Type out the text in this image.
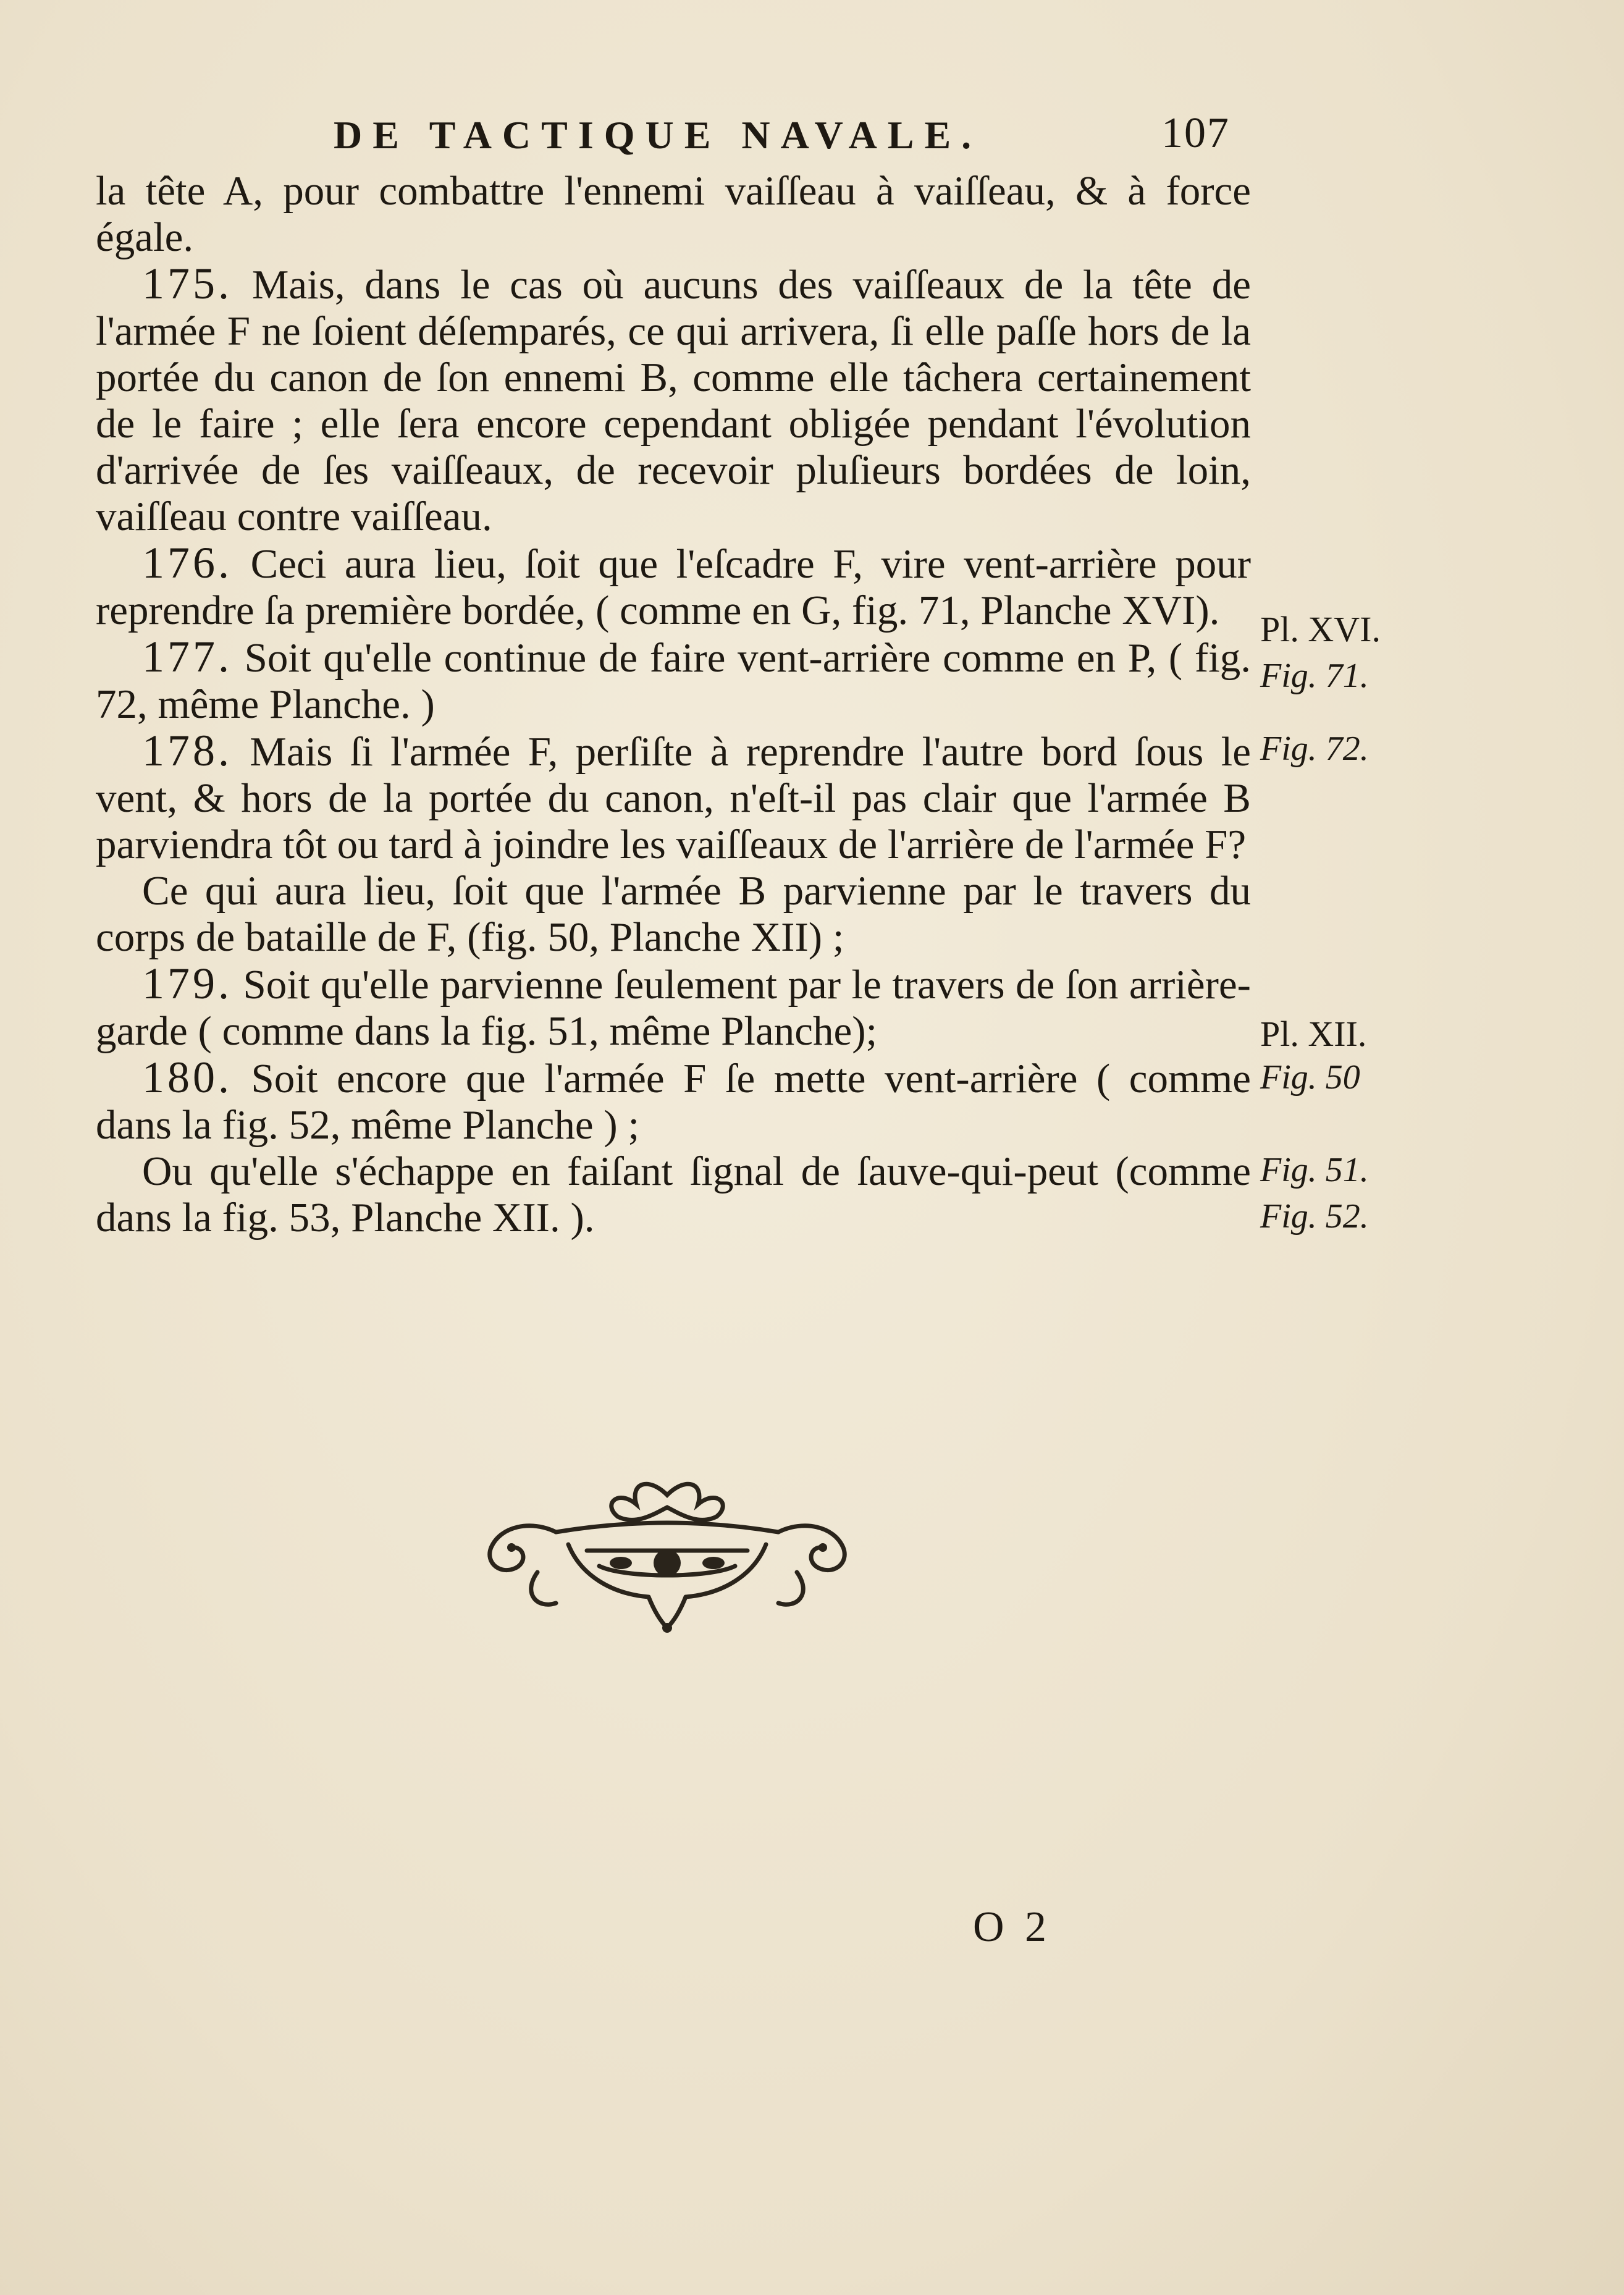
DE TACTIQUE NAVALE.	107

la tête A, pour combattre l'ennemi vaiſſeau à vaiſſeau, & à force égale.

175. Mais, dans le cas où aucuns des vaiſſeaux de la tête de l'armée F ne ſoient déſemparés, ce qui arrivera, ſi elle paſſe hors de la portée du canon de ſon ennemi B, comme elle tâchera certainement de le faire ; elle ſera encore cependant obligée pendant l'évolution d'arrivée de ſes vaiſſeaux, de recevoir pluſieurs bordées de loin, vaiſſeau contre vaiſſeau.

176. Ceci aura lieu, ſoit que l'eſcadre F, vire vent-arrière pour reprendre ſa première bordée, ( comme en G, fig. 71, Planche XVI).

177. Soit qu'elle continue de faire vent-arrière comme en P, ( fig. 72, même Planche. )

178. Mais ſi l'armée F, perſiſte à reprendre l'autre bord ſous le vent, & hors de la portée du canon, n'eſt-il pas clair que l'armée B parviendra tôt ou tard à joindre les vaiſſeaux de l'arrière de l'armée F?

Ce qui aura lieu, ſoit que l'armée B parvienne par le travers du corps de bataille de F, (fig. 50, Planche XII) ;

179. Soit qu'elle parvienne ſeulement par le travers de ſon arrière-garde ( comme dans la fig. 51, même Planche);

180. Soit encore que l'armée F ſe mette vent-arrière ( comme dans la fig. 52, même Planche ) ;

Ou qu'elle s'échappe en faiſant ſignal de ſauve-qui-peut (comme dans la fig. 53, Planche XII. ).

Pl. XVI.
Fig. 71.
Fig. 72.
Pl. XII.
Fig. 50
Fig. 51.
Fig. 52.
O 2
